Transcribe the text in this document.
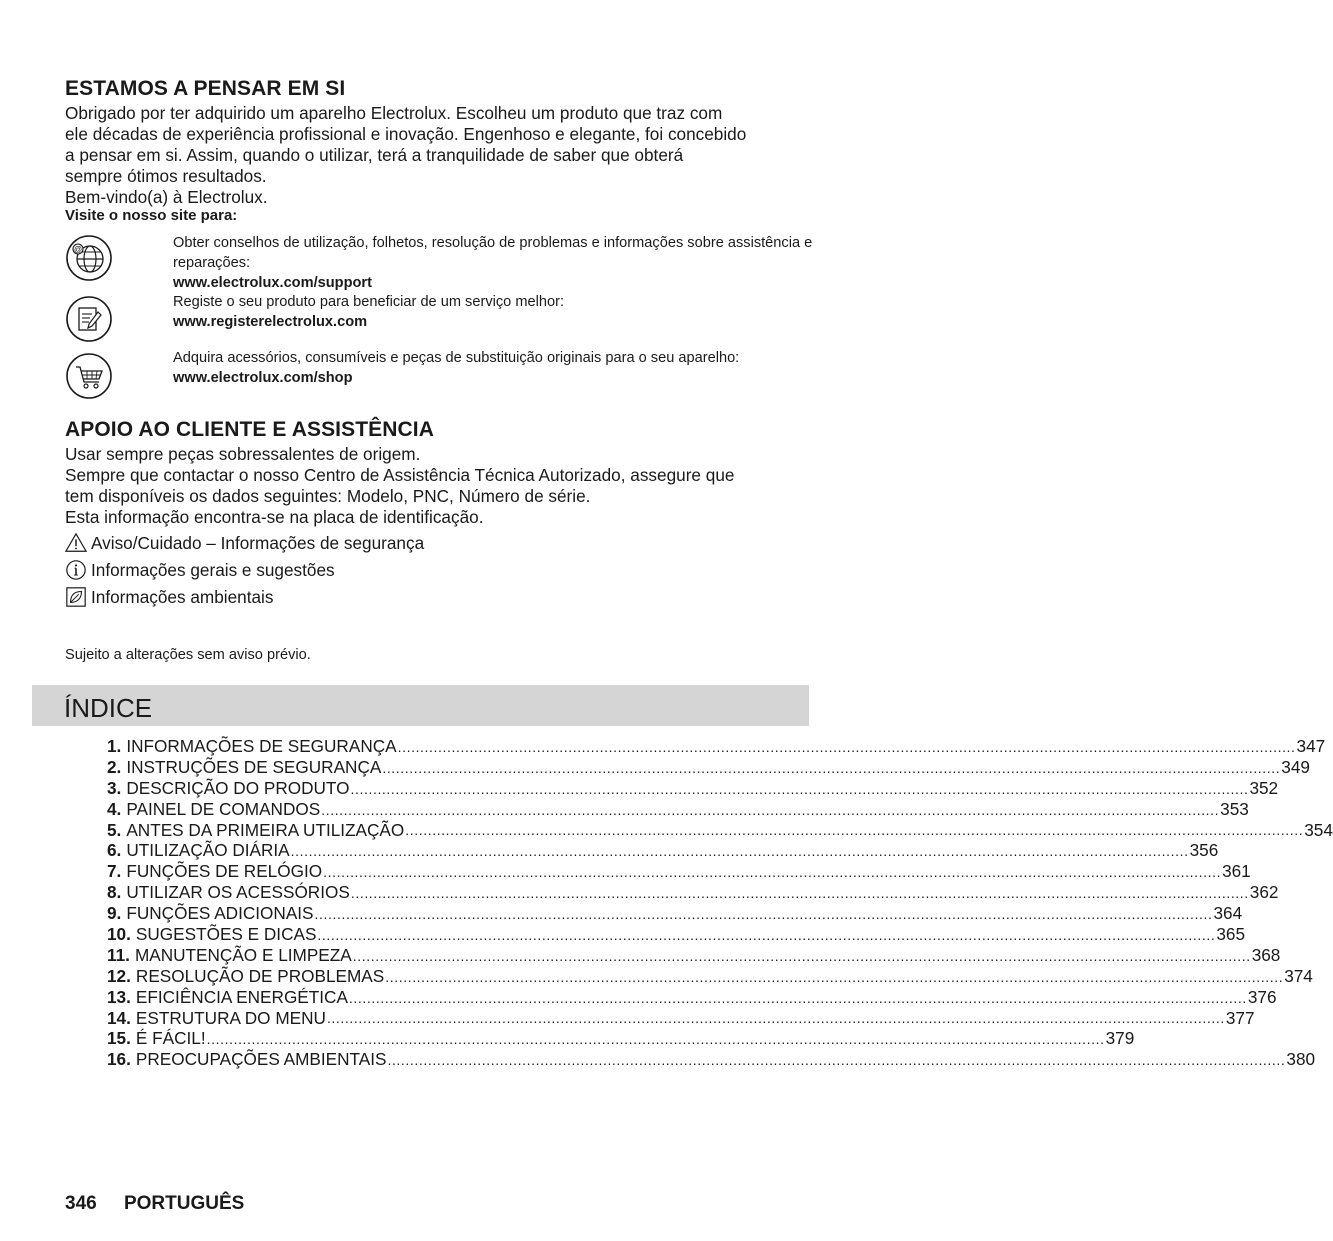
ESTAMOS A PENSAR EM SI
Obrigado por ter adquirido um aparelho Electrolux. Escolheu um produto que traz com
ele décadas de experiência profissional e inovação. Engenhoso e elegante, foi concebido
a pensar em si. Assim, quando o utilizar, terá a tranquilidade de saber que obterá
sempre ótimos resultados.
Bem-vindo(a) à Electrolux.
Visite o nosso site para:
@	Obter conselhos de utilização, folhetos, resolução de problemas e informações sobre assistência e reparações:
www.electrolux.com/support
Registe o seu produto para beneficiar de um serviço melhor:
www.registerelectrolux.com
Adquira acessórios, consumíveis e peças de substituição originais para o seu aparelho:
www.electrolux.com/shop
APOIO AO CLIENTE E ASSISTÊNCIA
Usar sempre peças sobressalentes de origem.
Sempre que contactar o nosso Centro de Assistência Técnica Autorizado, assegure que
tem disponíveis os dados seguintes: Modelo, PNC, Número de série.
Esta informação encontra-se na placa de identificação.
Aviso/Cuidado – Informações de segurança
Informações gerais e sugestões
Informações ambientais
Sujeito a alterações sem aviso prévio.
ÍNDICE
1. INFORMAÇÕES DE SEGURANÇA ........................................................................................................................................................................................................ 347
2. INSTRUÇÕES DE SEGURANÇA ........................................................................................................................................................................................................ 349
3. DESCRIÇÃO DO PRODUTO ........................................................................................................................................................................................................ 352
4. PAINEL DE COMANDOS ........................................................................................................................................................................................................ 353
5. ANTES DA PRIMEIRA UTILIZAÇÃO ........................................................................................................................................................................................................ 354
6. UTILIZAÇÃO DIÁRIA ........................................................................................................................................................................................................ 356
7. FUNÇÕES DE RELÓGIO ........................................................................................................................................................................................................ 361
8. UTILIZAR OS ACESSÓRIOS ........................................................................................................................................................................................................ 362
9. FUNÇÕES ADICIONAIS ........................................................................................................................................................................................................ 364
10. SUGESTÕES E DICAS ........................................................................................................................................................................................................ 365
11. MANUTENÇÃO E LIMPEZA ........................................................................................................................................................................................................ 368
12. RESOLUÇÃO DE PROBLEMAS ........................................................................................................................................................................................................ 374
13. EFICIÊNCIA ENERGÉTICA ........................................................................................................................................................................................................ 376
14. ESTRUTURA DO MENU ........................................................................................................................................................................................................ 377
15. É FÁCIL! ........................................................................................................................................................................................................ 379
16. PREOCUPAÇÕES AMBIENTAIS ........................................................................................................................................................................................................ 380
346 PORTUGUÊS
